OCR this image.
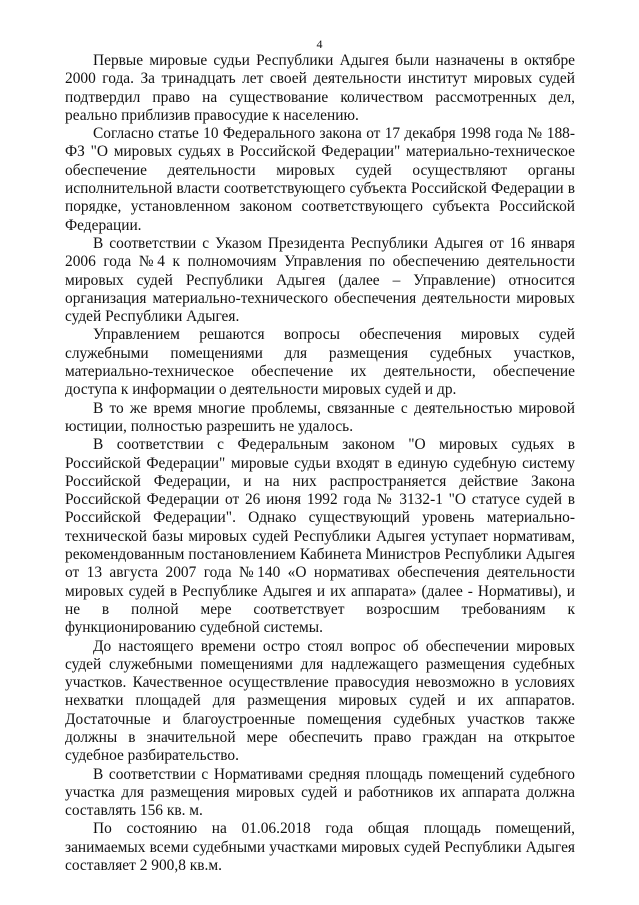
4

Первые мировые судьи Республики Адыгея были назначены в октябре 2000 года. За тринадцать лет своей деятельности институт мировых судей подтвердил право на существование количеством рассмотренных дел, реально приблизив правосудие к населению.

Согласно статье 10 Федерального закона от 17 декабря 1998 года № 188-ФЗ "О мировых судьях в Российской Федерации" материально-техническое обеспечение деятельности мировых судей осуществляют органы исполнительной власти соответствующего субъекта Российской Федерации в порядке, установленном законом соответствующего субъекта Российской Федерации.

В соответствии с Указом Президента Республики Адыгея от 16 января 2006 года №4 к полномочиям Управления по обеспечению деятельности мировых судей Республики Адыгея (далее – Управление) относится организация материально-технического обеспечения деятельности мировых судей Республики Адыгея.

Управлением решаются вопросы обеспечения мировых судей служебными помещениями для размещения судебных участков, материально-техническое обеспечение их деятельности, обеспечение доступа к информации о деятельности мировых судей и др.

В то же время многие проблемы, связанные с деятельностью мировой юстиции, полностью разрешить не удалось.

В соответствии с Федеральным законом "О мировых судьях в Российской Федерации" мировые судьи входят в единую судебную систему Российской Федерации, и на них распространяется действие Закона Российской Федерации от 26 июня 1992 года № 3132-1 "О статусе судей в Российской Федерации". Однако существующий уровень материально-технической базы мировых судей Республики Адыгея уступает нормативам, рекомендованным постановлением Кабинета Министров Республики Адыгея от 13 августа 2007 года №140 «О нормативах обеспечения деятельности мировых судей в Республике Адыгея и их аппарата» (далее - Нормативы), и не в полной мере соответствует возросшим требованиям к функционированию судебной системы.

До настоящего времени остро стоял вопрос об обеспечении мировых судей служебными помещениями для надлежащего размещения судебных участков. Качественное осуществление правосудия невозможно в условиях нехватки площадей для размещения мировых судей и их аппаратов. Достаточные и благоустроенные помещения судебных участков также должны в значительной мере обеспечить право граждан на открытое судебное разбирательство.

В соответствии с Нормативами средняя площадь помещений судебного участка для размещения мировых судей и работников их аппарата должна составлять 156 кв. м.

По состоянию на 01.06.2018 года общая площадь помещений, занимаемых всеми судебными участками мировых судей Республики Адыгея составляет 2 900,8 кв.м.
